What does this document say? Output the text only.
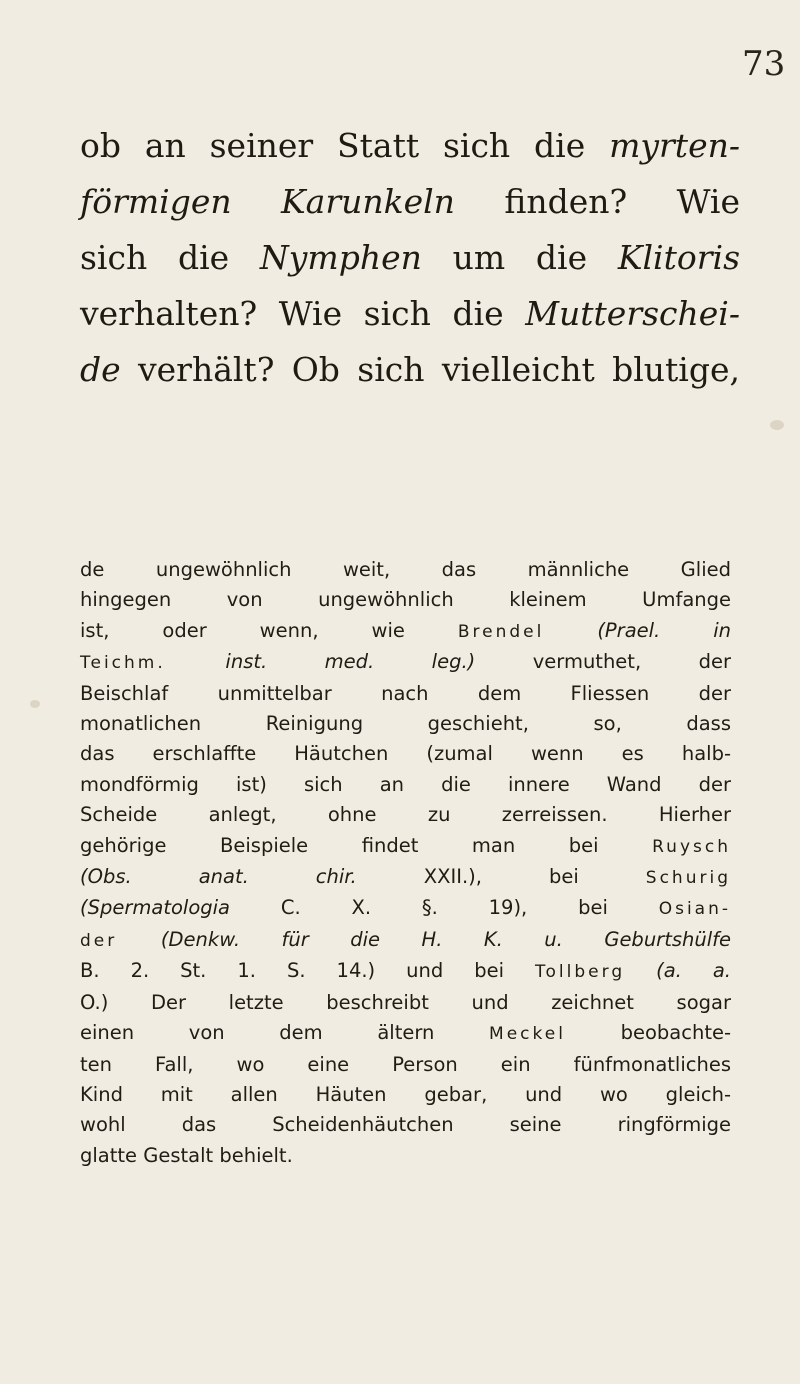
73
ob an seiner Statt sich die myrten-
förmigen Karunkeln finden? Wie
sich die Nymphen um die Klitoris
verhalten? Wie sich die Mutterschei-
de verhält? Ob sich vielleicht blutige,
de ungewöhnlich weit, das männliche Glied
hingegen von ungewöhnlich kleinem Umfange
ist, oder wenn, wie Brendel	(Prael. in
Teichm. inst. med. leg.) vermuthet, der
Beischlaf unmittelbar nach dem Fliessen der
monatlichen Reinigung geschieht, so, dass
das erschlaffte Häutchen (zumal wenn es halb-
mondförmig ist) sich an die innere Wand der
Scheide anlegt, ohne zu zerreissen. Hierher
gehörige Beispiele findet man bei Ruysch
(Obs. anat. chir. XXII.), bei Schurig
(Spermatologia C. X. §. 19), bei Osian-
der (Denkw. für die H. K. u. Geburtshülfe
B. 2. St. 1. S. 14.) und bei Tollberg (a. a.
O.) Der letzte beschreibt und zeichnet sogar
einen von dem ältern Meckel beobachte-
ten Fall, wo eine Person ein fünfmonatliches
Kind mit allen Häuten gebar, und wo gleich-
wohl das Scheidenhäutchen seine ringförmige
glatte Gestalt behielt.
